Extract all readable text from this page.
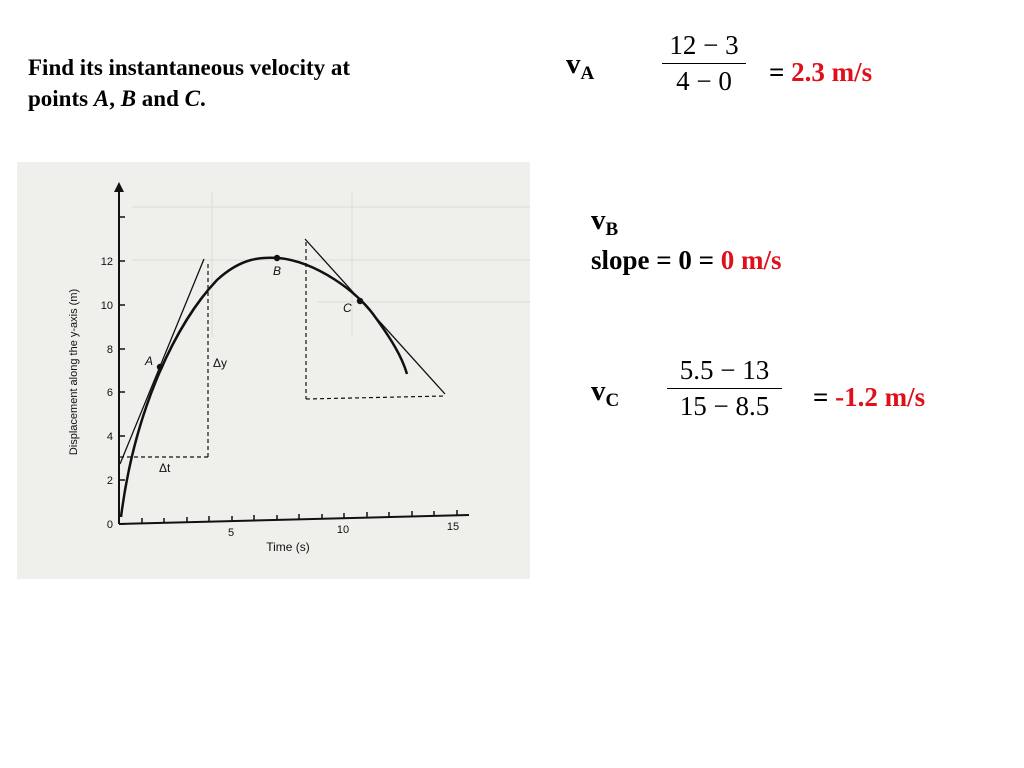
Find its instantaneous velocity at
points A, B and C.
$v_A$
12 − 3
4 − 0	= 2.3 m/s
$v_B$
slope = 0 = 0 m/s
$v_C$
5.5 − 13
15 − 8.5	= -1.2 m/s
0
2
4
6
8
10
12
5	10	15
Time (s)
Displacement along the y-axis (m)	A
B
C
Δy
Δt
